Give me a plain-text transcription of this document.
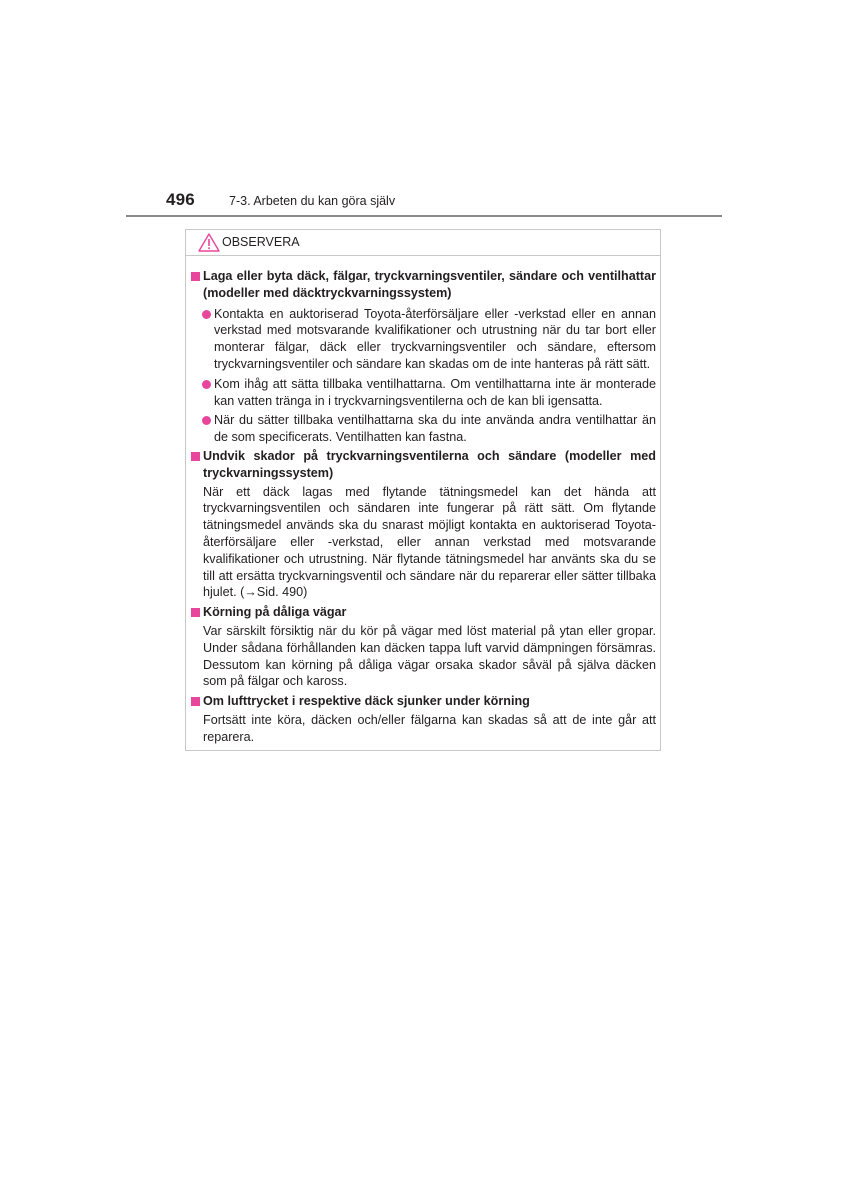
496	7-3. Arbeten du kan göra själv
OBSERVERA
Laga eller byta däck, fälgar, tryckvarningsventiler, sändare och ventilhattar (modeller med däcktryckvarningssystem)
Kontakta en auktoriserad Toyota-återförsäljare eller -verkstad eller en annan verkstad med motsvarande kvalifikationer och utrustning när du tar bort eller monterar fälgar, däck eller tryckvarningsventiler och sändare, eftersom tryckvarningsventiler och sändare kan skadas om de inte hanteras på rätt sätt.
Kom ihåg att sätta tillbaka ventilhattarna. Om ventilhattarna inte är monterade kan vatten tränga in i tryckvarningsventilerna och de kan bli igensatta.
När du sätter tillbaka ventilhattarna ska du inte använda andra ventilhattar än de som specificerats. Ventilhatten kan fastna.
Undvik skador på tryckvarningsventilerna och sändare (modeller med tryckvarningssystem)
När ett däck lagas med flytande tätningsmedel kan det hända att tryckvarningsventilen och sändaren inte fungerar på rätt sätt. Om flytande tätningsmedel används ska du snarast möjligt kontakta en auktoriserad Toyota-återförsäljare eller -verkstad, eller annan verkstad med motsvarande kvalifikationer och utrustning. När flytande tätningsmedel har använts ska du se till att ersätta tryckvarningsventil och sändare när du reparerar eller sätter tillbaka hjulet. (→Sid. 490)
Körning på dåliga vägar
Var särskilt försiktig när du kör på vägar med löst material på ytan eller gropar. Under sådana förhållanden kan däcken tappa luft varvid dämpningen försämras. Dessutom kan körning på dåliga vägar orsaka skador såväl på själva däcken som på fälgar och kaross.
Om lufttrycket i respektive däck sjunker under körning
Fortsätt inte köra, däcken och/eller fälgarna kan skadas så att de inte går att reparera.
